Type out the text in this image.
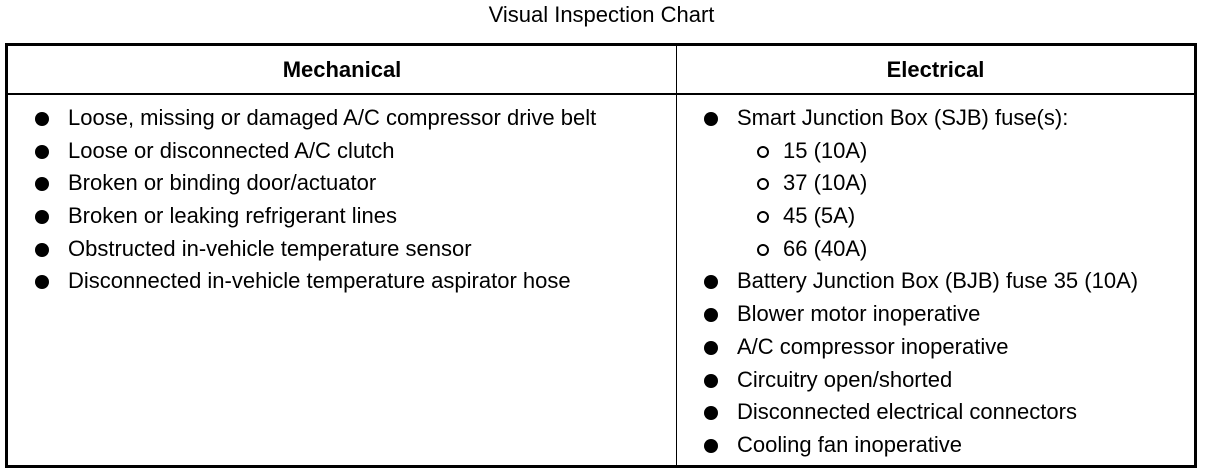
Visual Inspection Chart
Mechanical	Electrical
Loose, missing or damaged A/C compressor drive belt
Loose or disconnected A/C clutch
Broken or binding door/actuator
Broken or leaking refrigerant lines
Obstructed in-vehicle temperature sensor
Disconnected in-vehicle temperature aspirator hose
Smart Junction Box (SJB) fuse(s):
15 (10A)
37 (10A)
45 (5A)
66 (40A)
Battery Junction Box (BJB) fuse 35 (10A)
Blower motor inoperative
A/C compressor inoperative
Circuitry open/shorted
Disconnected electrical connectors
Cooling fan inoperative
